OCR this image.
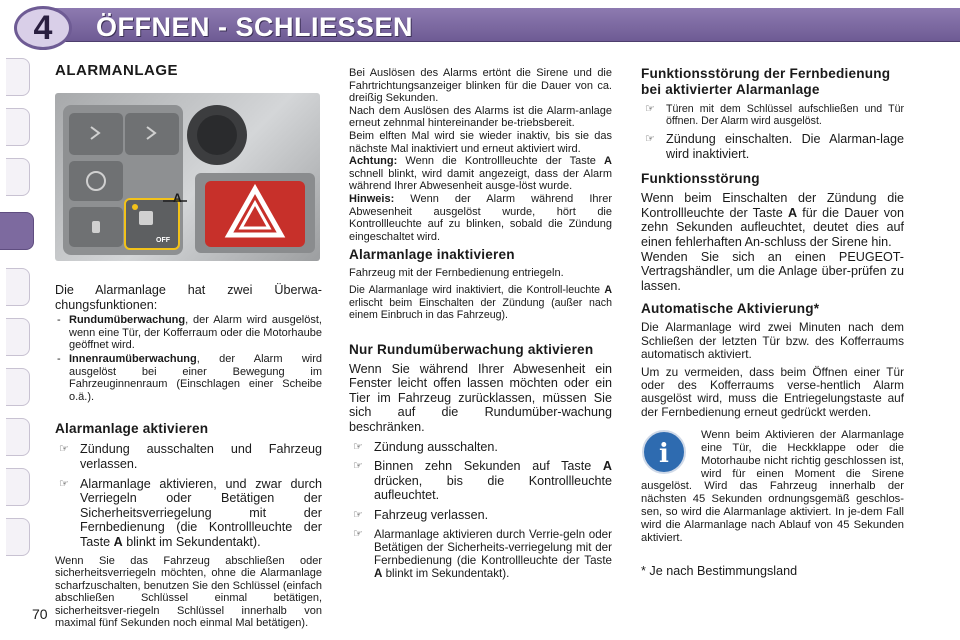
4 ÖFFNEN - SCHLIESSEN
ALARMANLAGE
A
OFF

Die Alarmanlage hat zwei Überwa-chungsfunktionen:

- Rundumüberwachung, der Alarm wird ausgelöst, wenn eine Tür, der Kofferraum oder die Motorhaube geöffnet wird.
- Innenraumüberwachung, der Alarm wird ausgelöst bei einer Bewegung im Fahrzeuginnenraum (Einschlagen einer Scheibe o.ä.).
Alarmanlage aktivieren
☞ Zündung ausschalten und Fahrzeug verlassen.
☞ Alarmanlage aktivieren, und zwar durch Verriegeln oder Betätigen der Sicherheitsverriegelung mit der Fernbedienung (die Kontrollleuchte der Taste A blinkt im Sekundentakt).

Wenn Sie das Fahrzeug abschließen oder sicherheitsverriegeln möchten, ohne die Alarmanlage scharfzuschalten, benutzen Sie den Schlüssel (einfach abschließen Schlüssel einmal betätigen, sicherheitsver-riegeln Schlüssel innerhalb von maximal fünf Sekunden noch einmal Mal betätigen).

Bei Auslösen des Alarms ertönt die Sirene und die Fahrtrichtungsanzeiger blinken für die Dauer von ca. dreißig Sekunden.

Nach dem Auslösen des Alarms ist die Alarm-anlage erneut zehnmal hintereinander be-triebsbereit.

Beim elften Mal wird sie wieder inaktiv, bis sie das nächste Mal inaktiviert und erneut aktiviert wird.

Achtung: Wenn die Kontrollleuchte der Taste A schnell blinkt, wird damit angezeigt, dass der Alarm während Ihrer Abwesenheit ausge-löst wurde.

Hinweis: Wenn der Alarm während Ihrer Abwesenheit ausgelöst wurde, hört die Kontrollleuchte auf zu blinken, sobald die Zündung eingeschaltet wird.

Alarmanlage inaktivieren

Fahrzeug mit der Fernbedienung entriegeln.

Die Alarmanlage wird inaktiviert, die Kontroll-leuchte A erlischt beim Einschalten der Zündung (außer nach einem Einbruch in das Fahrzeug).

Nur Rundumüberwachung aktivieren

Wenn Sie während Ihrer Abwesenheit ein Fenster leicht offen lassen möchten oder ein Tier im Fahrzeug zurücklassen, müssen Sie sich auf die Rundumüber-wachung beschränken.

☞ Zündung ausschalten.
☞ Binnen zehn Sekunden auf Taste A drücken, bis die Kontrollleuchte aufleuchtet.
☞ Fahrzeug verlassen.
☞ Alarmanlage aktivieren durch Verrie-geln oder Betätigen der Sicherheits-verriegelung mit der Fernbedienung (die Kontrollleuchte der Taste A blinkt im Sekundentakt).
Funktionsstörung der Fernbedienung bei aktivierter Alarmanlage
☞ Türen mit dem Schlüssel aufschließen und Tür öffnen. Der Alarm wird ausgelöst.
☞ Zündung einschalten. Die Alarman-lage wird inaktiviert.
Funktionsstörung

Wenn beim Einschalten der Zündung die Kontrollleuchte der Taste A für die Dauer von zehn Sekunden aufleuchtet, deutet dies auf einen fehlerhaften An-schluss der Sirene hin.

Wenden Sie sich an einen PEUGEOT-Vertragshändler, um die Anlage über-prüfen zu lassen.

Automatische Aktivierung*

Die Alarmanlage wird zwei Minuten nach dem Schließen der letzten Tür bzw. des Kofferraums automatisch aktiviert.

Um zu vermeiden, dass beim Öffnen einer Tür oder des Kofferraums verse-hentlich Alarm ausgelöst wird, muss die Entriegelungstaste auf der Fernbedienung erneut gedrückt werden.

i

Wenn beim Aktivieren der Alarmanlage eine Tür, die Heckklappe oder die Motorhaube nicht richtig geschlossen ist, wird für einen Moment die Sirene ausgelöst. Wird das Fahrzeug innerhalb der nächsten 45 Sekunden ordnungsgemäß geschlos-sen, so wird die Alarmanlage aktiviert. In je-dem Fall wird die Alarmanlage nach Ablauf von 45 Sekunden aktiviert.

* Je nach Bestimmungsland

70
